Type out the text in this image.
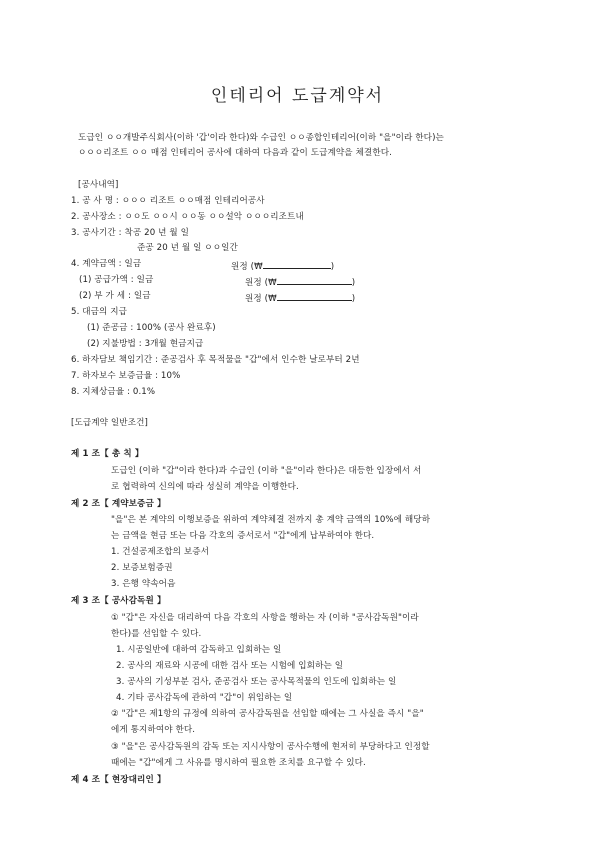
인테리어 도급계약서
도급인 ㅇㅇ개발주식회사(이하 '갑'이라 한다)와 수급인 ㅇㅇ종합인테리어(이하 "을"이라 한다)는
ㅇㅇㅇ리조트 ㅇㅇ 매점 인테리어 공사에 대하여 다음과 같이 도급계약을 체결한다.
[공사내역]
1. 공 사 명 : ㅇㅇㅇ 리조트 ㅇㅇ매점 인테리어공사
2. 공사장소 : ㅇㅇ도 ㅇㅇ시 ㅇㅇ동 ㅇㅇ설악 ㅇㅇㅇ리조트내
3. 공사기간 : 착공 20 년 월 일
준공 20 년 월 일 ㅇㅇ일간
4. 계약금액 : 일금	원정 (₩	)
(1) 공급가액 : 일금	원정 (₩	)
(2) 부 가 세 : 일금	원정 (₩	)
5. 대금의 지급
(1) 준공금 : 100% (공사 완료후)
(2) 지불방법 : 3개월 현금지급
6. 하자담보 책임기간 : 준공검사 후 목적물을 "갑"에서 인수한 날로부터 2년
7. 하자보수 보증금율 : 10%
8. 지체상금율 : 0.1%
[도급계약 일반조건]
제 1 조【 총 칙 】
도급인 (이하 "갑"이라 한다)과 수급인 (이하 "을"이라 한다)은 대등한 입장에서 서
로 협력하여 신의에 따라 성실히 계약을 이행한다.
제 2 조【 계약보증금 】
"을"은 본 계약의 이행보증을 위하여 계약체결 전까지 총 계약 금액의 10%에 해당하
는 금액을 현금 또는 다음 각호의 증서로서 "갑"에게 납부하여야 한다.
1. 건설공제조합의 보증서
2. 보증보험증권
3. 은행 약속어음
제 3 조【 공사감독원 】
① "갑"은 자신을 대리하여 다음 각호의 사항을 행하는 자 (이하 "공사감독원"이라
한다)를 선임할 수 있다.
1. 시공일반에 대하여 감독하고 입회하는 일
2. 공사의 재료와 시공에 대한 검사 또는 시험에 입회하는 일
3. 공사의 기성부분 검사, 준공검사 또는 공사목적물의 인도에 입회하는 일
4. 기타 공사감독에 관하여 "갑"이 위임하는 일
② "갑"은 제1항의 규정에 의하여 공사감독원을 선임할 때에는 그 사실을 즉시 "을"
에게 통지하여야 한다.
③ "을"은 공사감독원의 감독 또는 지시사항이 공사수행에 현저히 부당하다고 인정할
때에는 "갑"에게 그 사유를 명시하여 필요한 조치를 요구할 수 있다.
제 4 조【 현장대리인 】
